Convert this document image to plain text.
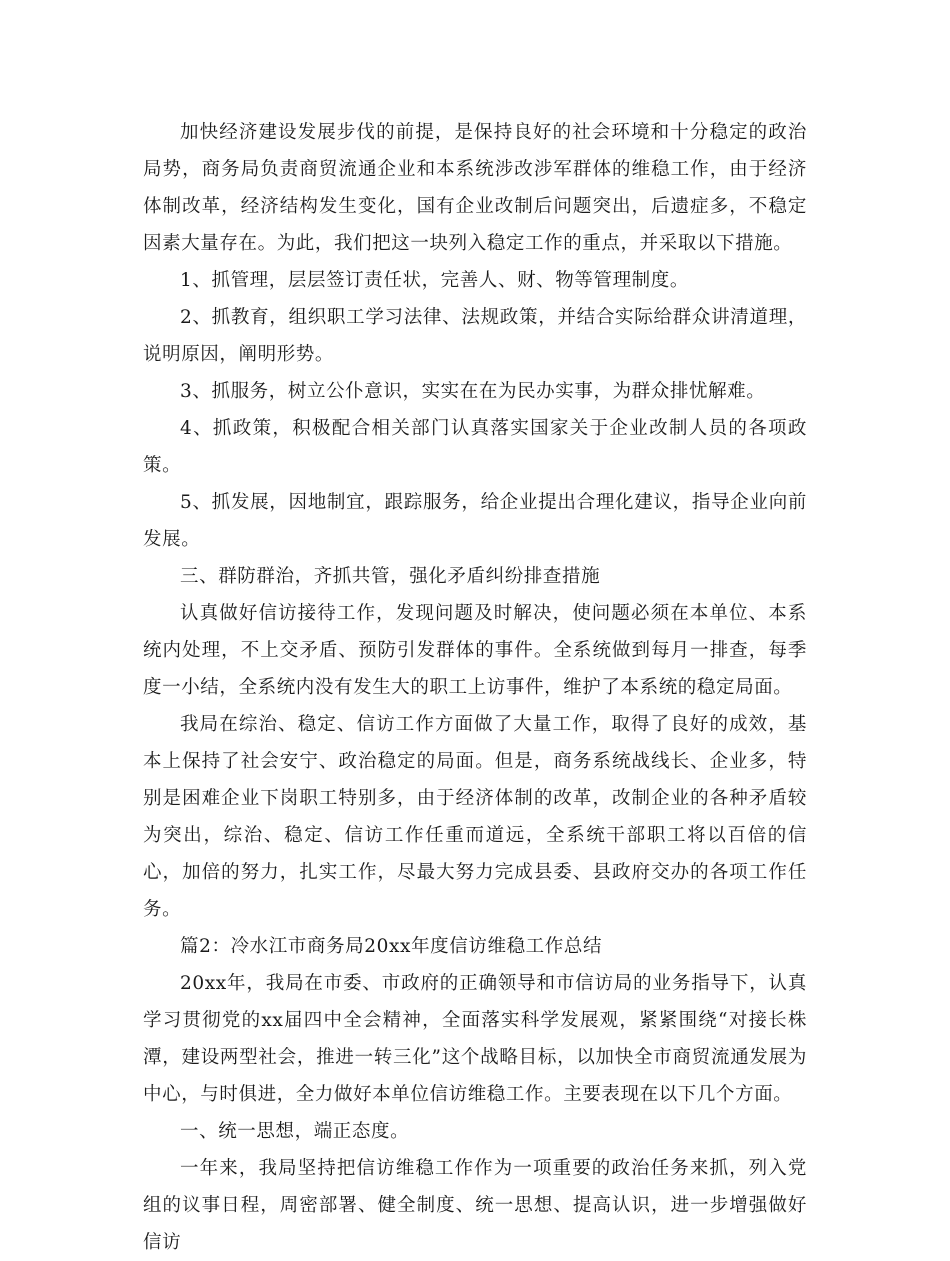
加快经济建设发展步伐的前提，是保持良好的社会环境和十分稳定的政治局势，商务局负责商贸流通企业和本系统涉改涉军群体的维稳工作，由于经济体制改革，经济结构发生变化，国有企业改制后问题突出，后遗症多，不稳定因素大量存在。为此，我们把这一块列入稳定工作的重点，并采取以下措施。

1、抓管理，层层签订责任状，完善人、财、物等管理制度。

2、抓教育，组织职工学习法律、法规政策，并结合实际给群众讲清道理，说明原因，阐明形势。

3、抓服务，树立公仆意识，实实在在为民办实事，为群众排忧解难。

4、抓政策，积极配合相关部门认真落实国家关于企业改制人员的各项政策。

5、抓发展，因地制宜，跟踪服务，给企业提出合理化建议，指导企业向前发展。

三、群防群治，齐抓共管，强化矛盾纠纷排查措施

认真做好信访接待工作，发现问题及时解决，使问题必须在本单位、本系统内处理，不上交矛盾、预防引发群体的事件。全系统做到每月一排查，每季度一小结，全系统内没有发生大的职工上访事件，维护了本系统的稳定局面。

我局在综治、稳定、信访工作方面做了大量工作，取得了良好的成效，基本上保持了社会安宁、政治稳定的局面。但是，商务系统战线长、企业多，特别是困难企业下岗职工特别多，由于经济体制的改革，改制企业的各种矛盾较为突出，综治、稳定、信访工作任重而道远，全系统干部职工将以百倍的信心，加倍的努力，扎实工作，尽最大努力完成县委、县政府交办的各项工作任务。

篇2：冷水江市商务局20xx年度信访维稳工作总结

20xx年，我局在市委、市政府的正确领导和市信访局的业务指导下，认真学习贯彻党的xx届四中全会精神，全面落实科学发展观，紧紧围绕“对接长株潭，建设两型社会，推进一转三化”这个战略目标，以加快全市商贸流通发展为中心，与时俱进，全力做好本单位信访维稳工作。主要表现在以下几个方面。

一、统一思想，端正态度。

一年来，我局坚持把信访维稳工作作为一项重要的政治任务来抓，列入党组的议事日程，周密部署、健全制度、统一思想、提高认识，进一步增强做好信访
